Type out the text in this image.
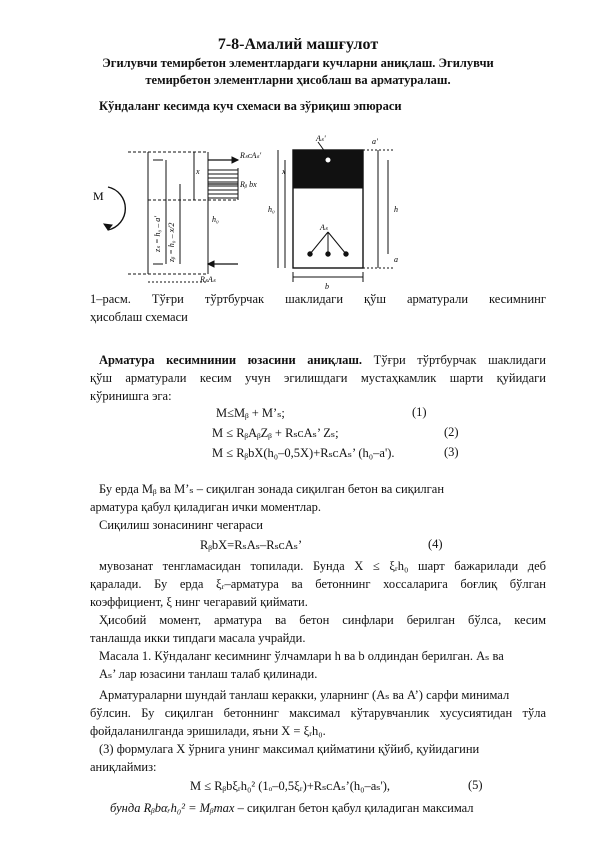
7-8-Амалий машғулот
Эгилувчи темирбетон элементлардаги кучларни аниқлаш. Эгилувчи
темирбетон элементларни ҳисоблаш ва арматуралаш.
Кўндаланг кесимда куч схемаси ва зўриқиш эпюраси
M
RₛᴄAₛ'
Rᵦ bx
RₛAₛ
x
zᵦ = h₀ – x/2
zₛ = h₀ – a'	h₀
Aₛ'
Aₛ
b
h₀
x
h
a
a'
1–расм. Тўғри тўртбурчак шаклидаги қўш арматурали кесимнинг
ҳисоблаш схемаси
Арматура кесимнинии юзасини аниқлаш. Тўғри тўртбурчак шаклидаги
қўш арматурали кесим учун эгилишдаги мустаҳкамлик шарти қуйидаги
кўринишга эга:
M≤Mᵦ + M’ₛ;	(1)
M ≤ RᵦAᵦZᵦ + RₛᴄAₛ’ Zₛ;	(2)
M ≤ RᵦbX(h₀–0,5X)+RₛᴄAₛ’ (h₀–a').	(3)
Бу ерда Mᵦ ва M’ₛ – сиқилган зонада сиқилган бетон ва сиқилган
арматура қабул қиладиган ички моментлар.
Сиқилиш зонасининг чегараси
RᵦbX=RₛAₛ–RₛᴄAₛ’	(4)
мувозанат тенгламасидан топилади. Бунда X ≤ ξᵣh₀ шарт бажарилади деб
қаралади. Бу ерда ξᵣ–арматура ва бетоннинг хоссаларига боғлиқ бўлган
коэффициент, ξ нинг чегаравий қиймати.
Ҳисобий момент, арматура ва бетон синфлари берилган бўлса, кесим
танлашда икки типдаги масала учрайди.
Масала 1. Кўндаланг кесимнинг ўлчамлари h ва b олдиндан берилган. Aₛ ва
Aₛ’ лар юзасини танлаш талаб қилинади.
Арматураларни шундай танлаш керакки, уларнинг (Aₛ ва A’) сарфи минимал
бўлсин. Бу сиқилган бетоннинг максимал кўтарувчанлик хусусиятидан тўла
фойдаланилганда эришилади, яъни X = ξᵣh₀.
(3) формулага X ўрнига унинг максимал қийматини қўйиб, қуйидагини
аниқлаймиз:
M ≤ Rᵦbξᵣh₀² (1ₒ–0,5ξᵣ)+RₛᴄAₛ’(h₀–aₛ'),	(5)
бунда Rᵦbαᵣh₀² = Mᵦmax – сиқилган бетон қабул қиладиган максимал
